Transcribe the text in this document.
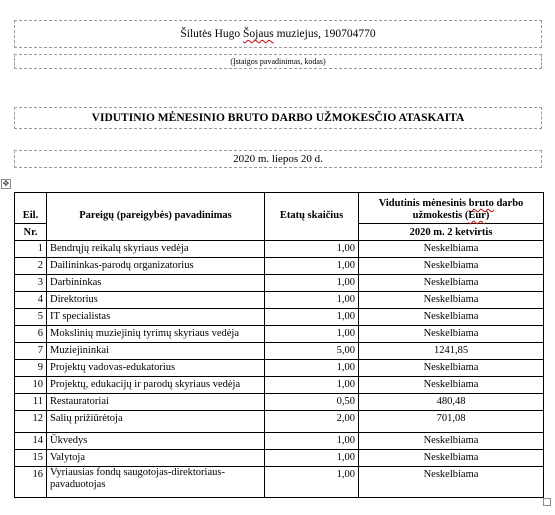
Šilutės Hugo Šojaus muziejus, 190704770
(Įstaigos pavadinimas, kodas)
VIDUTINIO MĖNESINIO BRUTO DARBO UŽMOKESČIO ATASKAITA
2020 m. liepos 20 d.
✥
Eil.	Pareigų (pareigybės) pavadinimas	Etatų skaičius	Vidutinis mėnesinis bruto darbo užmokestis (Eur)
Nr.			2020 m. 2 ketvirtis
1	Bendrųjų reikalų skyriaus vedėja	1,00	Neskelbiama
2	Dailininkas-parodų organizatorius	1,00	Neskelbiama
3	Darbininkas	1,00	Neskelbiama
4	Direktorius	1,00	Neskelbiama
5	IT specialistas	1,00	Neskelbiama
6	Mokslinių muziejinių tyrimų skyriaus vedėja	1,00	Neskelbiama
7	Muziejininkai	5,00	1241,85
9	Projektų vadovas-edukatorius	1,00	Neskelbiama
10	Projektų, edukacijų ir parodų skyriaus vedėja	1,00	Neskelbiama
11	Restauratoriai	0,50	480,48
12	Salių prižiūrėtoja	2,00	701,08
14	Ūkvedys	1,00	Neskelbiama
15	Valytoja	1,00	Neskelbiama
16	Vyriausias fondų saugotojas-direktoriaus-pavaduotojas	1,00	Neskelbiama
